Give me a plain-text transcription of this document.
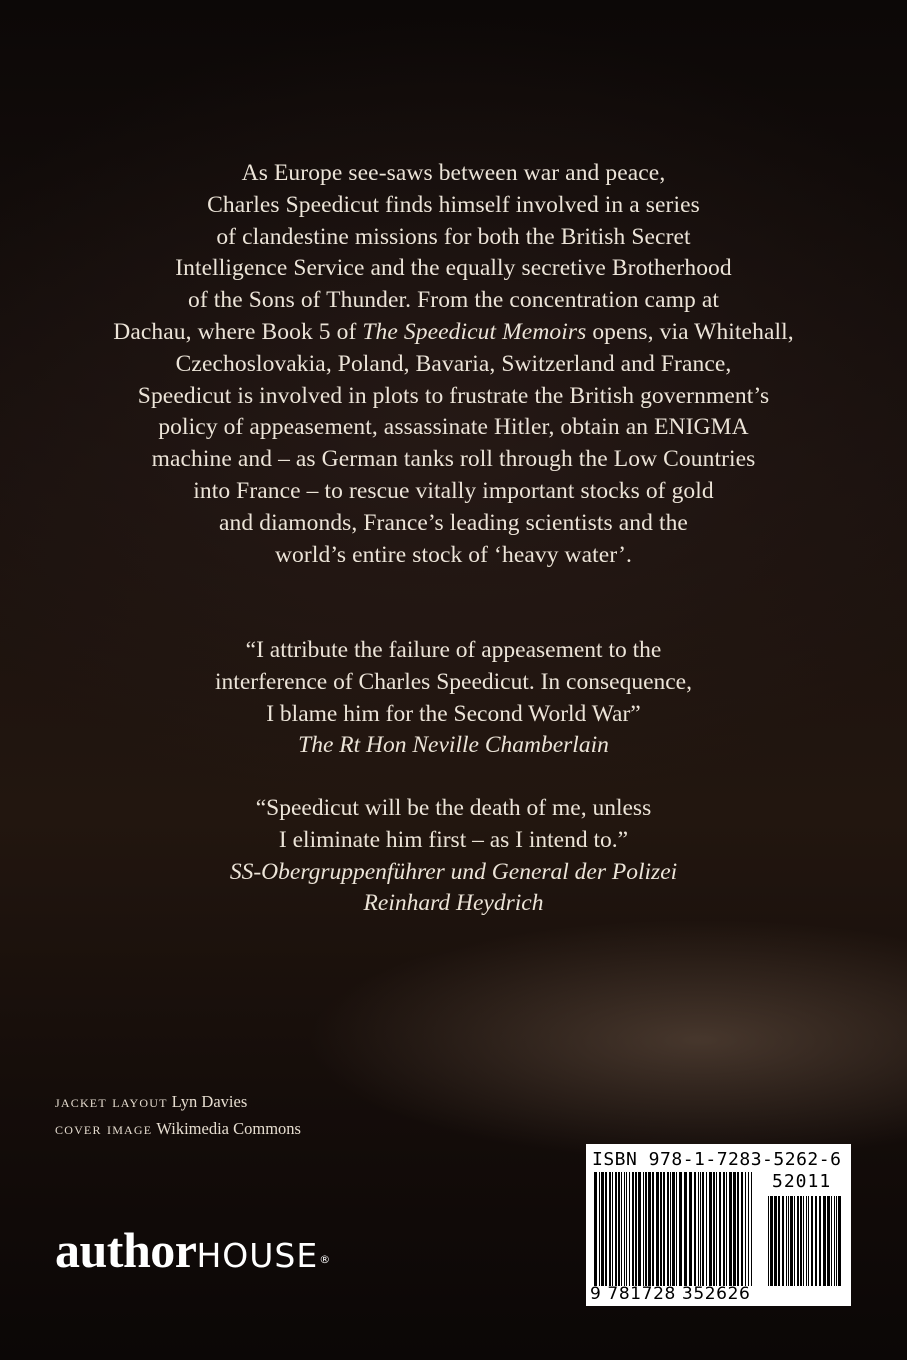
As Europe see-saws between war and peace,
Charles Speedicut finds himself involved in a series
of clandestine missions for both the British Secret
Intelligence Service and the equally secretive Brotherhood
of the Sons of Thunder. From the concentration camp at
Dachau, where Book 5 of The Speedicut Memoirs opens, via Whitehall,
Czechoslovakia, Poland, Bavaria, Switzerland and France,
Speedicut is involved in plots to frustrate the British government’s
policy of appeasement, assassinate Hitler, obtain an ENIGMA
machine and – as German tanks roll through the Low Countries
into France – to rescue vitally important stocks of gold
and diamonds, France’s leading scientists and the
world’s entire stock of ‘heavy water’.
“I attribute the failure of appeasement to the
interference of Charles Speedicut. In consequence,
I blame him for the Second World War”
The Rt Hon Neville Chamberlain
“Speedicut will be the death of me, unless
I eliminate him first – as I intend to.”
SS-Obergruppenführer und General der Polizei
Reinhard Heydrich
jacket layout Lyn Davies
cover image Wikimedia Commons
authorHOUSE®
ISBN 978-1-7283-5262-6
52011
9 781728 352626
